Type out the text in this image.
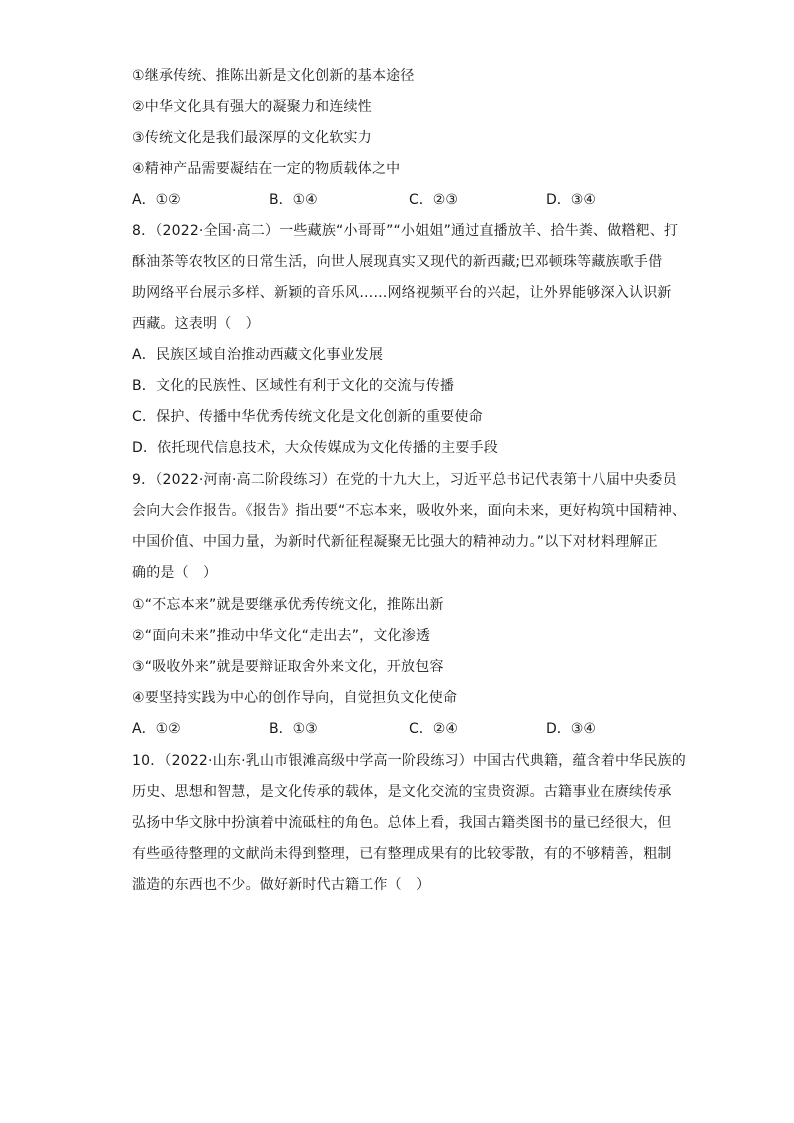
①继承传统、推陈出新是文化创新的基本途径
②中华文化具有强大的凝聚力和连续性
③传统文化是我们最深厚的文化软实力
④精神产品需要凝结在一定的物质载体之中
A．①②	B．①④	C．②③	D．③④
8．（2022·全国·高二）一些藏族“小哥哥”“小姐姐”通过直播放羊、拾牛粪、做糌粑、打
酥油茶等农牧区的日常生活，向世人展现真实又现代的新西藏;巴邓顿珠等藏族歌手借
助网络平台展示多样、新颖的音乐风……网络视频平台的兴起，让外界能够深入认识新
西藏。这表明（　）
A．民族区域自治推动西藏文化事业发展
B．文化的民族性、区域性有利于文化的交流与传播
C．保护、传播中华优秀传统文化是文化创新的重要使命
D．依托现代信息技术，大众传媒成为文化传播的主要手段
9．（2022·河南·高二阶段练习）在党的十九大上，习近平总书记代表第十八届中央委员
会向大会作报告。《报告》指出要“不忘本来，吸收外来，面向未来，更好构筑中国精神、
中国价值、中国力量，为新时代新征程凝聚无比强大的精神动力。”以下对材料理解正
确的是（　）
①“不忘本来”就是要继承优秀传统文化，推陈出新
②“面向未来”推动中华文化“走出去”，文化渗透
③“吸收外来”就是要辩证取舍外来文化，开放包容
④要坚持实践为中心的创作导向，自觉担负文化使命
A．①②	B．①③	C．②④	D．③④
10．（2022·山东·乳山市银滩高级中学高一阶段练习）中国古代典籍，蕴含着中华民族的
历史、思想和智慧，是文化传承的载体，是文化交流的宝贵资源。古籍事业在赓续传承
弘扬中华文脉中扮演着中流砥柱的角色。总体上看，我国古籍类图书的量已经很大，但
有些亟待整理的文献尚未得到整理，已有整理成果有的比较零散，有的不够精善，粗制
滥造的东西也不少。做好新时代古籍工作（　）
